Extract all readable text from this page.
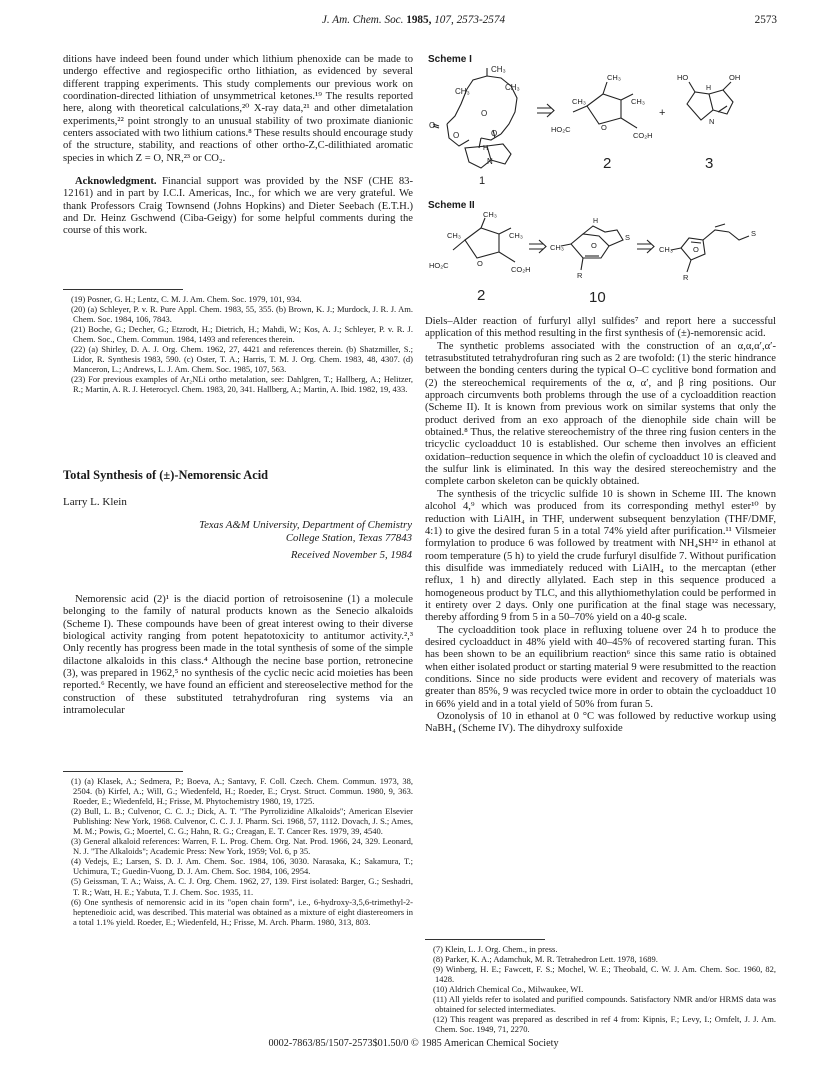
J. Am. Chem. Soc. 1985, 107, 2573-2574	2573

ditions have indeed been found under which lithium phenoxide can be made to undergo effective and regiospecific ortho lithiation, as evidenced by several different trapping experiments. This study complements our previous work on coordination-directed lithiation of unsymmetrical ketones.¹⁹ The results reported here, along with theoretical calculations,²⁰ X-ray data,²¹ and other dimetalation experiments,²² point strongly to an unusual stability of two proximate dianionic centers associated with two lithium cations.⁸ These results should encourage study of the structure, stability, and reactions of other ortho-Z,C-dilithiated aromatic species in which Z = O, NR,²³ or CO₂.

Acknowledgment. Financial support was provided by the NSF (CHE 83-12161) and in part by I.C.I. Americas, Inc., for which we are very grateful. We thank Professors Craig Townsend (Johns Hopkins) and Dieter Seebach (E.T.H.) and Dr. Heinz Gschwend (Ciba-Geigy) for some helpful comments during the course of this work.

(19) Posner, G. H.; Lentz, C. M. J. Am. Chem. Soc. 1979, 101, 934.

(20) (a) Schleyer, P. v. R. Pure Appl. Chem. 1983, 55, 355. (b) Brown, K. J.; Murdock, J. R. J. Am. Chem. Soc. 1984, 106, 7843.

(21) Boche, G.; Decher, G.; Etzrodt, H.; Dietrich, H.; Mahdi, W.; Kos, A. J.; Schleyer, P. v. R. J. Chem. Soc., Chem. Commun. 1984, 1493 and references therein.

(22) (a) Shirley, D. A. J. Org. Chem. 1962, 27, 4421 and references therein. (b) Shatzmiller, S.; Lidor, R. Synthesis 1983, 590. (c) Oster, T. A.; Harris, T. M. J. Org. Chem. 1983, 48, 4307. (d) Manceron, L.; Andrews, L. J. Am. Chem. Soc. 1985, 107, 563.

(23) For previous examples of Ar₂NLi ortho metalation, see: Dahlgren, T.; Hallberg, A.; Helitzer, R.; Martin, A. R. J. Heterocycl. Chem. 1983, 20, 341. Hallberg, A.; Martin, A. Ibid. 1982, 19, 433.

Total Synthesis of (±)-Nemorensic Acid
Larry L. Klein
Texas A&M University, Department of Chemistry
College Station, Texas 77843
Received November 5, 1984

Nemorensic acid (2)¹ is the diacid portion of retroisosenine (1) a molecule belonging to the family of natural products known as the Senecio alkaloids (Scheme I). These compounds have been of great interest owing to their diverse biological activity ranging from potent hepatotoxicity to antitumor activity.²,³ Only recently has progress been made in the total synthesis of some of the simple dilactone alkaloids in this class.⁴ Although the necine base portion, retronecine (3), was prepared in 1962,⁵ no synthesis of the cyclic necic acid moieties has been reported.⁶ Recently, we have found an efficient and stereoselective method for the construction of these substituted tetrahydrofuran ring systems via an intramolecular

(1) (a) Klasek, A.; Sedmera, P.; Boeva, A.; Santavy, F. Coll. Czech. Chem. Commun. 1973, 38, 2504. (b) Kirfel, A.; Will, G.; Wiedenfeld, H.; Roeder, E.; Cryst. Struct. Commun. 1980, 9, 363. Roeder, E.; Wiedenfeld, H.; Frisse, M. Phytochemistry 1980, 19, 1725.

(2) Bull, L. B.; Culvenor, C. C. J.; Dick, A. T. "The Pyrrolizidine Alkaloids"; American Elsevier Publishing: New York, 1968. Culvenor, C. C. J. J. Pharm. Sci. 1968, 57, 1112. Dovach, J. S.; Ames, M. M.; Powis, G.; Moertel, C. G.; Hahn, R. G.; Creagan, E. T. Cancer Res. 1979, 39, 4540.

(3) General alkaloid references: Warren, F. L. Prog. Chem. Org. Nat. Prod. 1966, 24, 329. Leonard, N. J. "The Alkaloids"; Academic Press: New York, 1959; Vol. 6, p 35.

(4) Vedejs, E.; Larsen, S. D. J. Am. Chem. Soc. 1984, 106, 3030. Narasaka, K.; Sakamura, T.; Uchimura, T.; Guedin-Vuong, D. J. Am. Chem. Soc. 1984, 106, 2954.

(5) Geissman, T. A.; Waiss, A. C. J. Org. Chem. 1962, 27, 139. First isolated: Barger, G.; Seshadri, T. R.; Watt, H. E.; Yabuta, T. J. Chem. Soc. 1935, 11.

(6) One synthesis of nemorensic acid in its "open chain form", i.e., 6-hydroxy-3,5,6-trimethyl-2-heptenedioic acid, was described. This material was obtained as a mixture of eight diastereomers in a total 1.1% yield. Roeder, E.; Wiedenfeld, H.; Frisse, M. Arch. Pharm. 1980, 313, 803.

Scheme I
CH₃
CH₃	CH₃
O
O
O	O
H
N
1
CH₃
CH₃
CH₃
O
HO₂C
CO₂H
2
+
HO	OH
H
N
3
Scheme II
CH₃
CH₃	CH₃
O
HO₂C	CO₂H
2
CH₃	O
H
S
R
10
CH₃	O
S
R

Diels–Alder reaction of furfuryl allyl sulfides⁷ and report here a successful application of this method resulting in the first synthesis of (±)-nemorensic acid.

The synthetic problems associated with the construction of an α,α,α′,α′-tetrasubstituted tetrahydrofuran ring such as 2 are twofold: (1) the steric hindrance between the bonding centers during the typical O–C cyclitive bond formation and (2) the stereochemical requirements of the α, α′, and β ring positions. Our approach circumvents both problems through the use of a cycloaddition reaction (Scheme II). It is known from previous work on similar systems that only the product derived from an exo approach of the dienophile side chain will be obtained.⁸ Thus, the relative stereochemistry of the three ring fusion centers in the tricyclic cycloadduct 10 is established. Our scheme then involves an efficient oxidation–reduction sequence in which the olefin of cycloadduct 10 is cleaved and the sulfur link is eliminated. In this way the desired stereochemistry and the complete carbon skeleton can be quickly obtained.

The synthesis of the tricyclic sulfide 10 is shown in Scheme III. The known alcohol 4,⁹ which was produced from its corresponding methyl ester¹⁰ by reduction with LiAlH₄ in THF, underwent subsequent benzylation (THF/DMF, 4:1) to give the desired furan 5 in a total 74% yield after purification.¹¹ Vilsmeier formylation to produce 6 was followed by treatment with NH₄SH¹² in ethanol at room temperature (5 h) to yield the crude furfuryl disulfide 7. Without purification this disulfide was immediately reduced with LiAlH₄ to the mercaptan (ether reflux, 1 h) and directly allylated. Each step in this sequence produced a homogeneous product by TLC, and this allythiomethylation could be performed in it entirety over 2 days. Only one purification at the final stage was necessary, thereby affording 9 from 5 in a 50–70% yield on a 40-g scale.

The cycloaddition took place in refluxing toluene over 24 h to produce the desired cycloadduct in 48% yield with 40–45% of recovered starting furan. This has been shown to be an equilibrium reaction⁶ since this same ratio is obtained when either isolated product or starting material 9 were resubmitted to the reaction conditions. Since no side products were evident and recovery of materials was greater than 85%, 9 was recycled twice more in order to obtain the cycloadduct 10 in 66% yield and in a total yield of 50% from furan 5.

Ozonolysis of 10 in ethanol at 0 °C was followed by reductive workup using NaBH₄ (Scheme IV). The dihydroxy sulfoxide

(7) Klein, L. J. Org. Chem., in press.

(8) Parker, K. A.; Adamchuk, M. R. Tetrahedron Lett. 1978, 1689.

(9) Winberg, H. E.; Fawcett, F. S.; Mochel, W. E.; Theobald, C. W. J. Am. Chem. Soc. 1960, 82, 1428.

(10) Aldrich Chemical Co., Milwaukee, WI.

(11) All yields refer to isolated and purified compounds. Satisfactory NMR and/or HRMS data was obtained for selected intermediates.

(12) This reagent was prepared as described in ref 4 from: Kipnis, F.; Levy, I.; Ornfelt, J. J. Am. Chem. Soc. 1949, 71, 2270.

0002-7863/85/1507-2573$01.50/0 © 1985 American Chemical Society
